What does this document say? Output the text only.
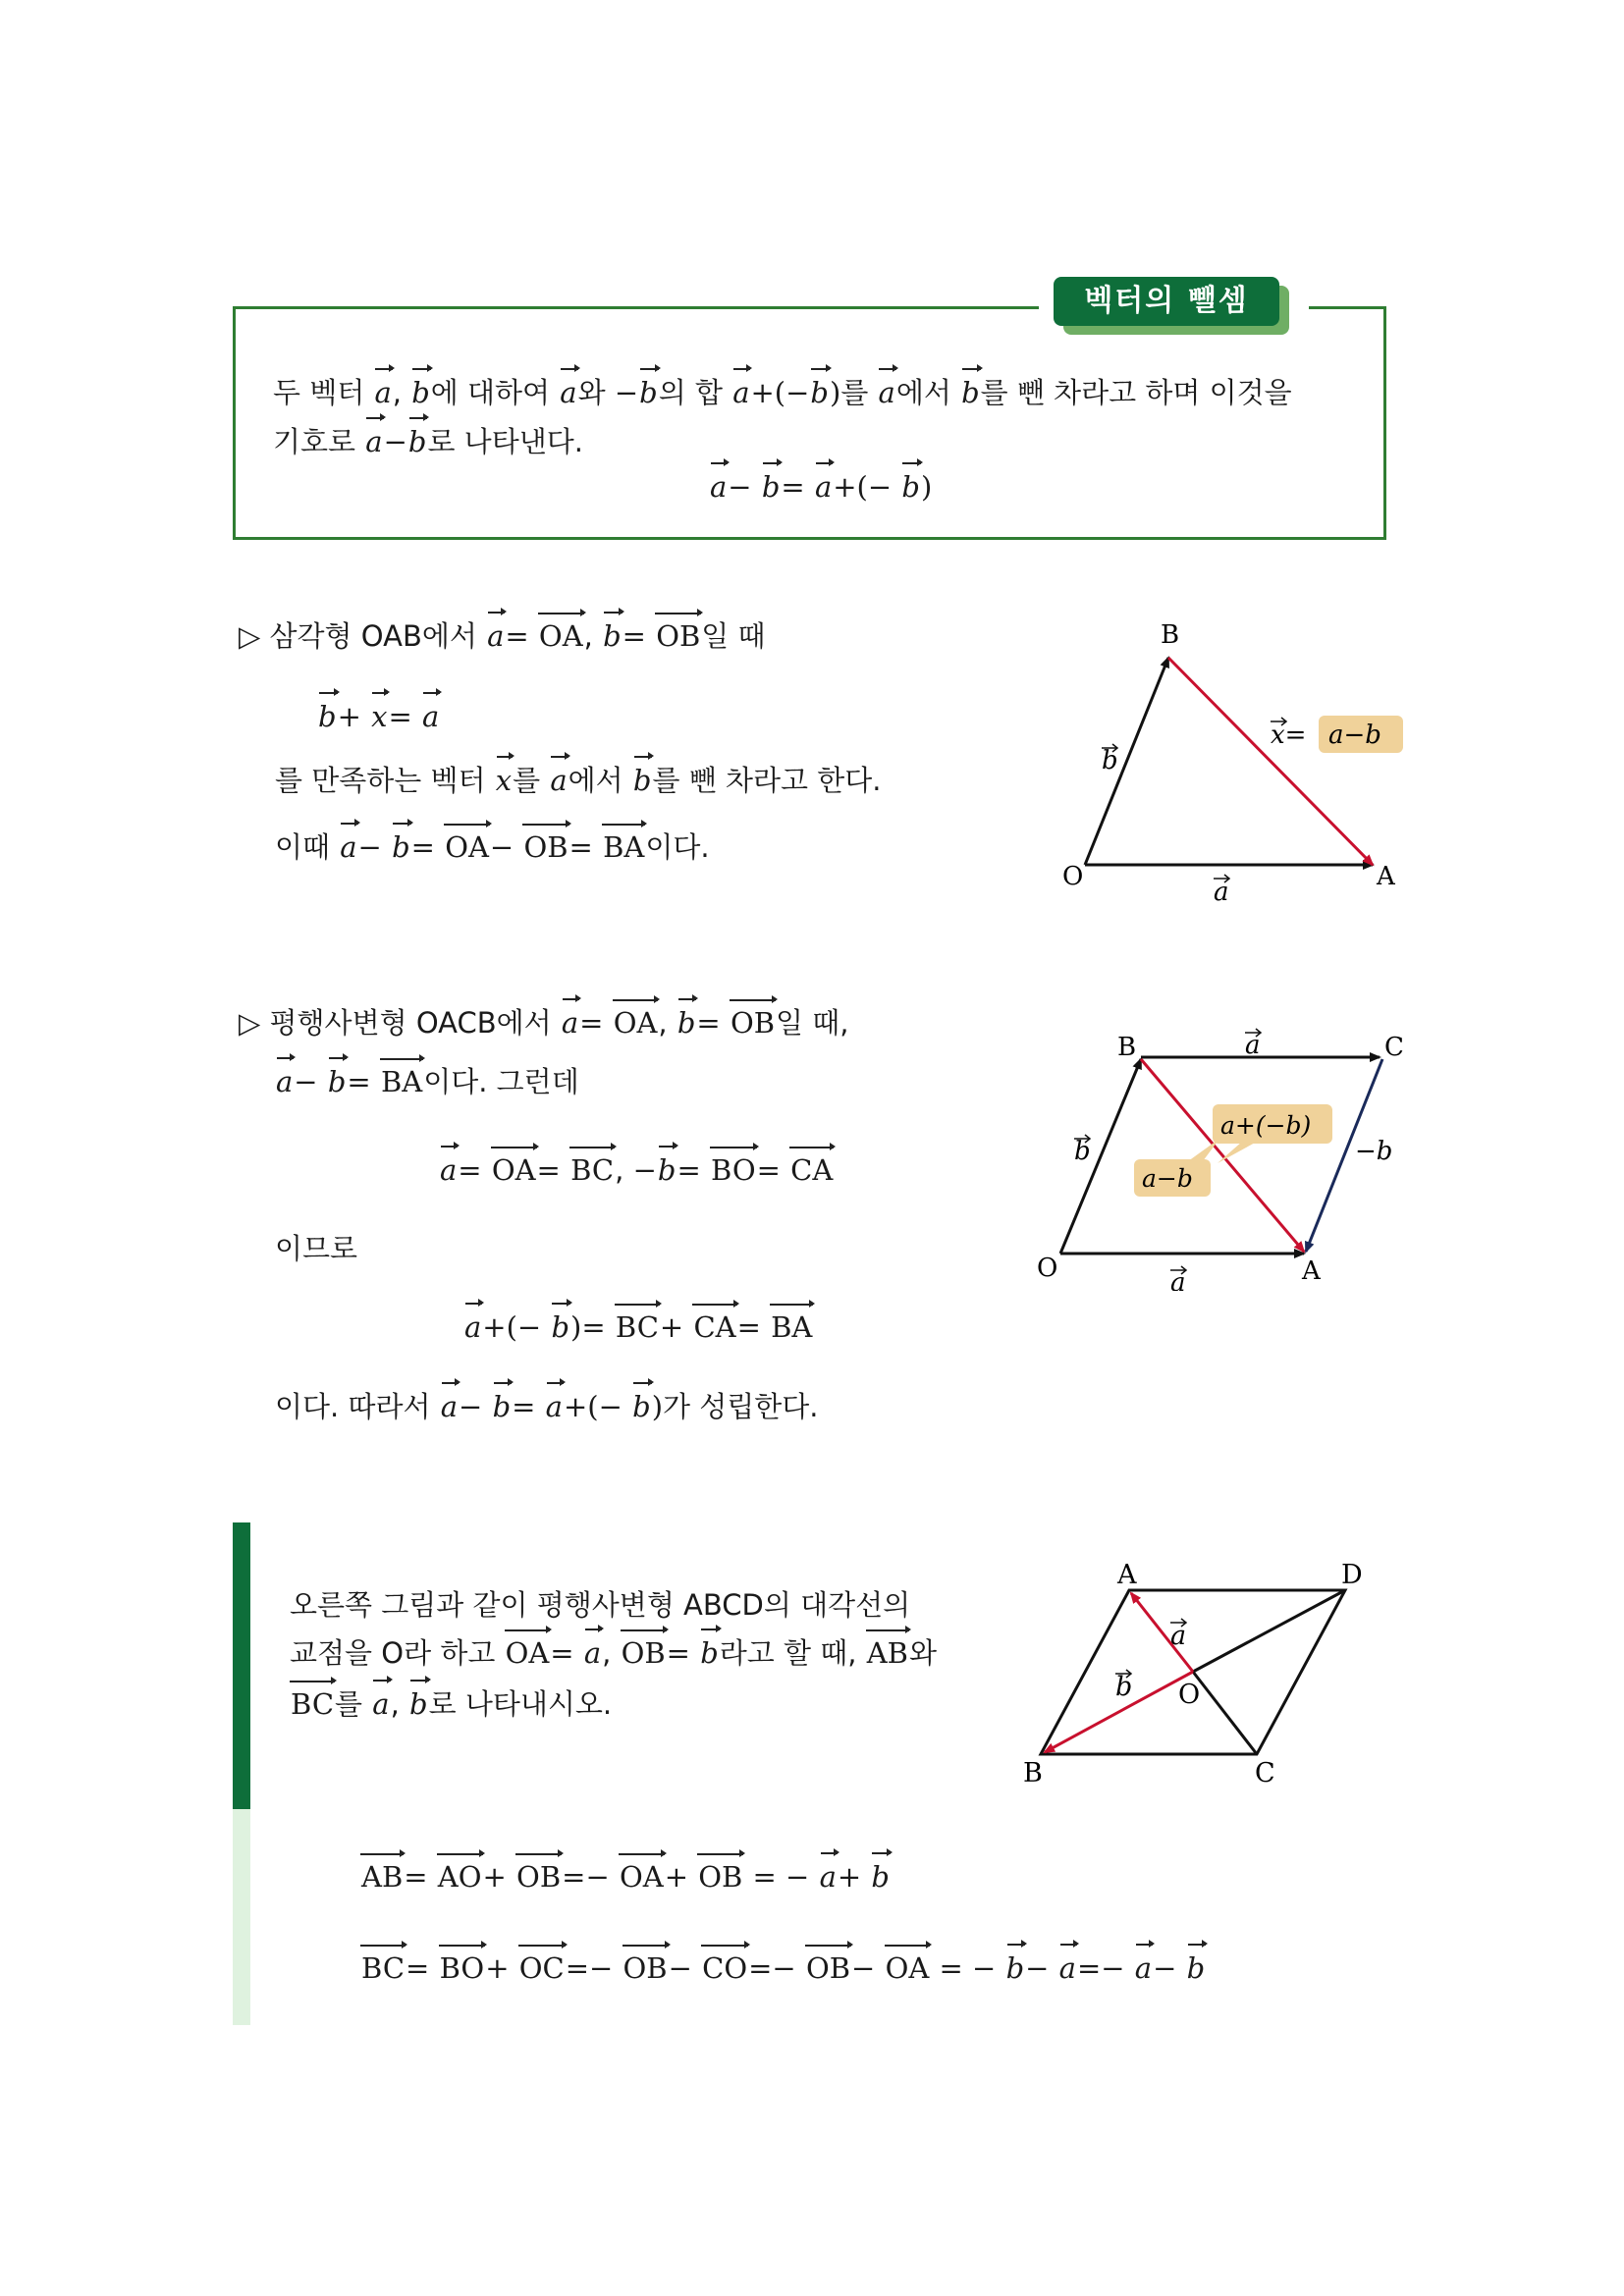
벡터의 뺄셈
두 벡터 a, b에 대하여 a와 −b의 합 a+(−b)를 a에서 b를 뺀 차라고 하며 이것을
기호로 a−b로 나타낸다.
a− b= a+(− b)
▷ 삼각형 OAB에서 a= OA, b= OB일 때
b+ x= a
를 만족하는 벡터 x를 a에서 b를 뺀 차라고 한다.
이때 a− b= OA− OB= BA이다.
B
O	A
a
b
x= a−b
▷ 평행사변형 OACB에서 a= OA, b= OB일 때,
a− b= BA이다. 그런데
a= OA= BC, −b= BO= CA
이므로
a+(− b)= BC+ CA= BA
이다. 따라서 a− b= a+(− b)가 성립한다.
B	C
O	A
a
a
b	−b
a+(−b)
a−b
오른쪽 그림과 같이 평행사변형 ABCD의 대각선의
교점을 O라 하고 OA= a, OB= b라고 할 때, AB와
BC를 a, b로 나타내시오.
A	D
B	C
O
a
b
AB= AO+ OB=− OA+ OB = − a+ b
BC= BO+ OC=− OB− CO=− OB− OA = − b− a=− a− b
